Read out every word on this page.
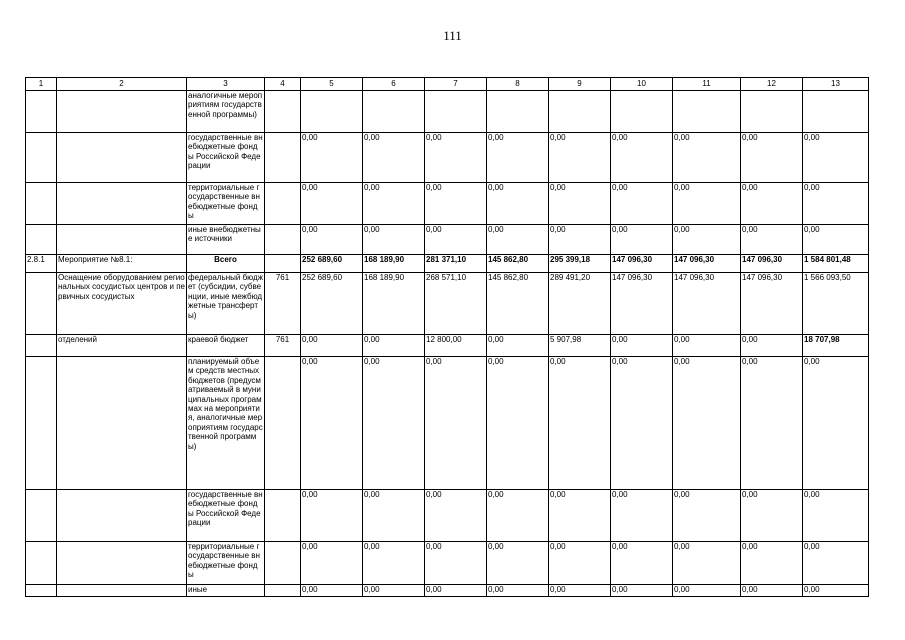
111
1	2	3	4	5	6	7	8	9	10	11	12	13
		аналогичные мероприятиям государственной программы)										
		государственные внебюджетные фонды Российской Федерации		0,00	0,00	0,00	0,00	0,00	0,00	0,00	0,00	0,00
		территориальные государственные внебюджетные фонды		0,00	0,00	0,00	0,00	0,00	0,00	0,00	0,00	0,00
		иные внебюджетные источники		0,00	0,00	0,00	0,00	0,00	0,00	0,00	0,00	0,00
2.8.1	Мероприятие №8.1:	Всего		252 689,60	168 189,90	281 371,10	145 862,80	295 399,18	147 096,30	147 096,30	147 096,30	1 584 801,48
	Оснащение оборудованием региональных сосудистых центров и первичных сосудистых	федеральный бюджет (субсидии, субвенции, иные межбюджетные трансферты)	761	252 689,60	168 189,90	268 571,10	145 862,80	289 491,20	147 096,30	147 096,30	147 096,30	1 566 093,50
	отделений	краевой бюджет	761	0,00	0,00	12 800,00	0,00	5 907,98	0,00	0,00	0,00	18 707,98
		планируемый объем средств местных бюджетов (предусматриваемый в муниципальных программах на мероприятия, аналогичные мероприятиям государственной программы)		0,00	0,00	0,00	0,00	0,00	0,00	0,00	0,00	0,00
		государственные внебюджетные фонды Российской Федерации		0,00	0,00	0,00	0,00	0,00	0,00	0,00	0,00	0,00
		территориальные государственные внебюджетные фонды		0,00	0,00	0,00	0,00	0,00	0,00	0,00	0,00	0,00
		иные		0,00	0,00	0,00	0,00	0,00	0,00	0,00	0,00	0,00
